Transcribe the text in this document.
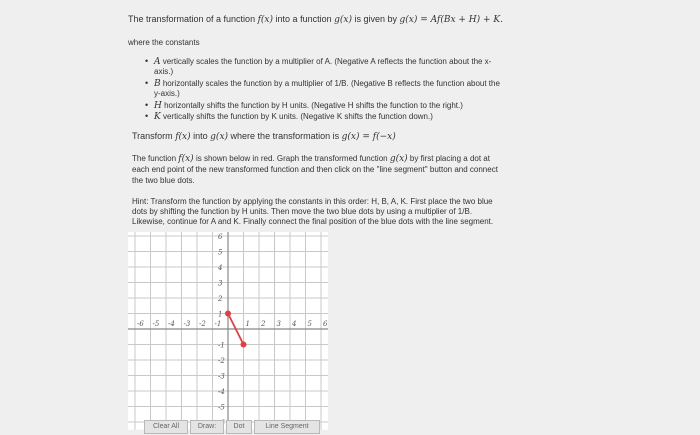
The transformation of a function f(x) into a function g(x) is given by g(x) = Af(Bx + H) + K.
where the constants
• A vertically scales the function by a multiplier of A. (Negative A reflects the function about the x-
axis.)
• B horizontally scales the function by a multiplier of 1/B. (Negative B reflects the function about the
y-axis.)
• H horizontally shifts the function by H units. (Negative H shifts the function to the right.)
• K vertically shifts the function by K units. (Negative K shifts the function down.)
Transform f(x) into g(x) where the transformation is g(x) = f(−x)
The function f(x) is shown below in red. Graph the transformed function g(x) by first placing a dot at
each end point of the new transformed function and then click on the "line segment" button and connect
the two blue dots.
Hint: Transform the function by applying the constants in this order: H, B, A, K. First place the two blue
dots by shifting the function by H units. Then move the two blue dots by using a multiplier of 1/B.
Likewise, continue for A and K. Finally connect the final position of the blue dots with the line segment.
-6 -5 -4 -3 -2 -1	1 2 3 4 5 6
6
5
4
3
2
1
-1
-2
-3
-4
-5
Clear All	Draw:	Dot	Line Segment
